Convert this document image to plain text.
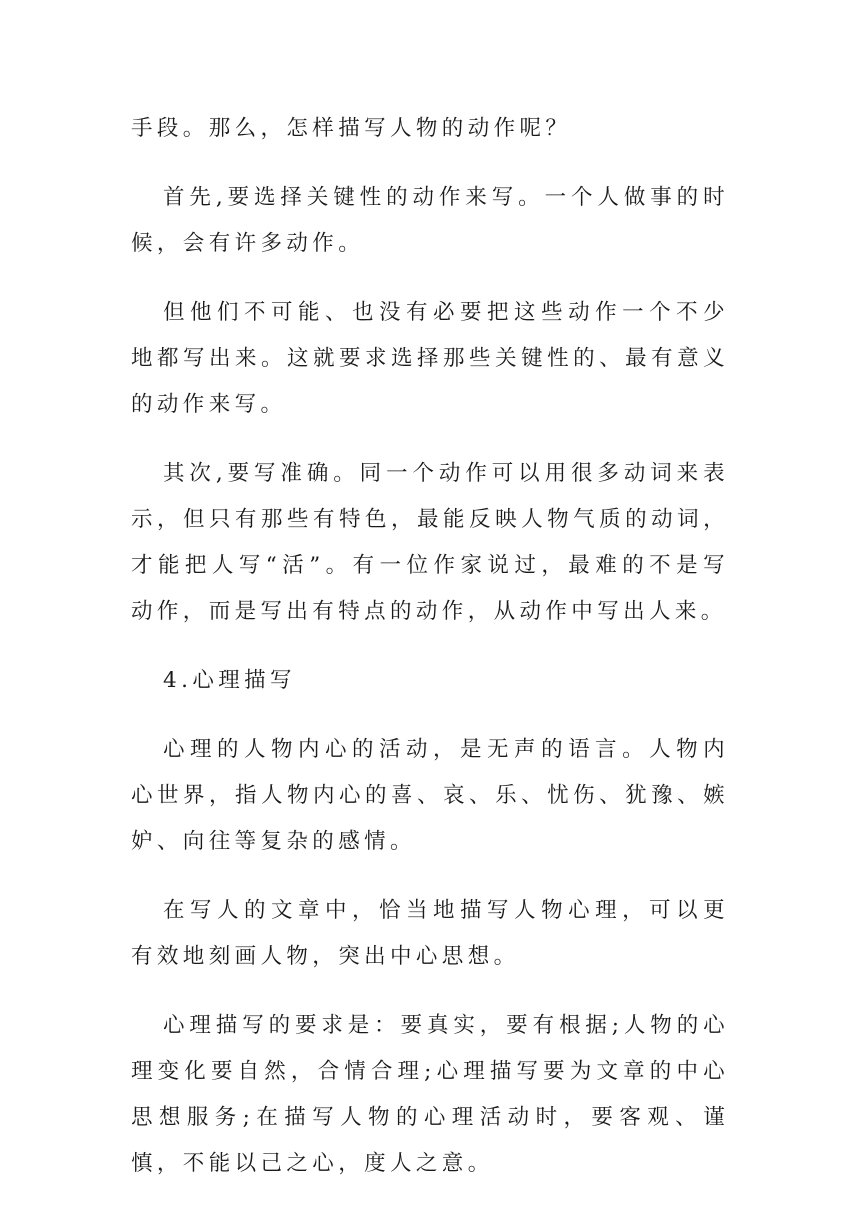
手段。那么，怎样描写人物的动作呢？

首先,要选择关键性的动作来写。一个人做事的时候，会有许多动作。

但他们不可能、也没有必要把这些动作一个不少地都写出来。这就要求选择那些关键性的、最有意义的动作来写。

其次,要写准确。同一个动作可以用很多动词来表示，但只有那些有特色，最能反映人物气质的动词，才能把人写“活”。有一位作家说过，最难的不是写动作，而是写出有特点的动作，从动作中写出人来。

4.心理描写

心理的人物内心的活动，是无声的语言。人物内心世界，指人物内心的喜、哀、乐、忧伤、犹豫、嫉妒、向往等复杂的感情。

在写人的文章中，恰当地描写人物心理，可以更有效地刻画人物，突出中心思想。

心理描写的要求是：要真实，要有根据;人物的心理变化要自然，合情合理;心理描写要为文章的中心思想服务;在描写人物的心理活动时，要客观、谨慎，不能以己之心，度人之意。
